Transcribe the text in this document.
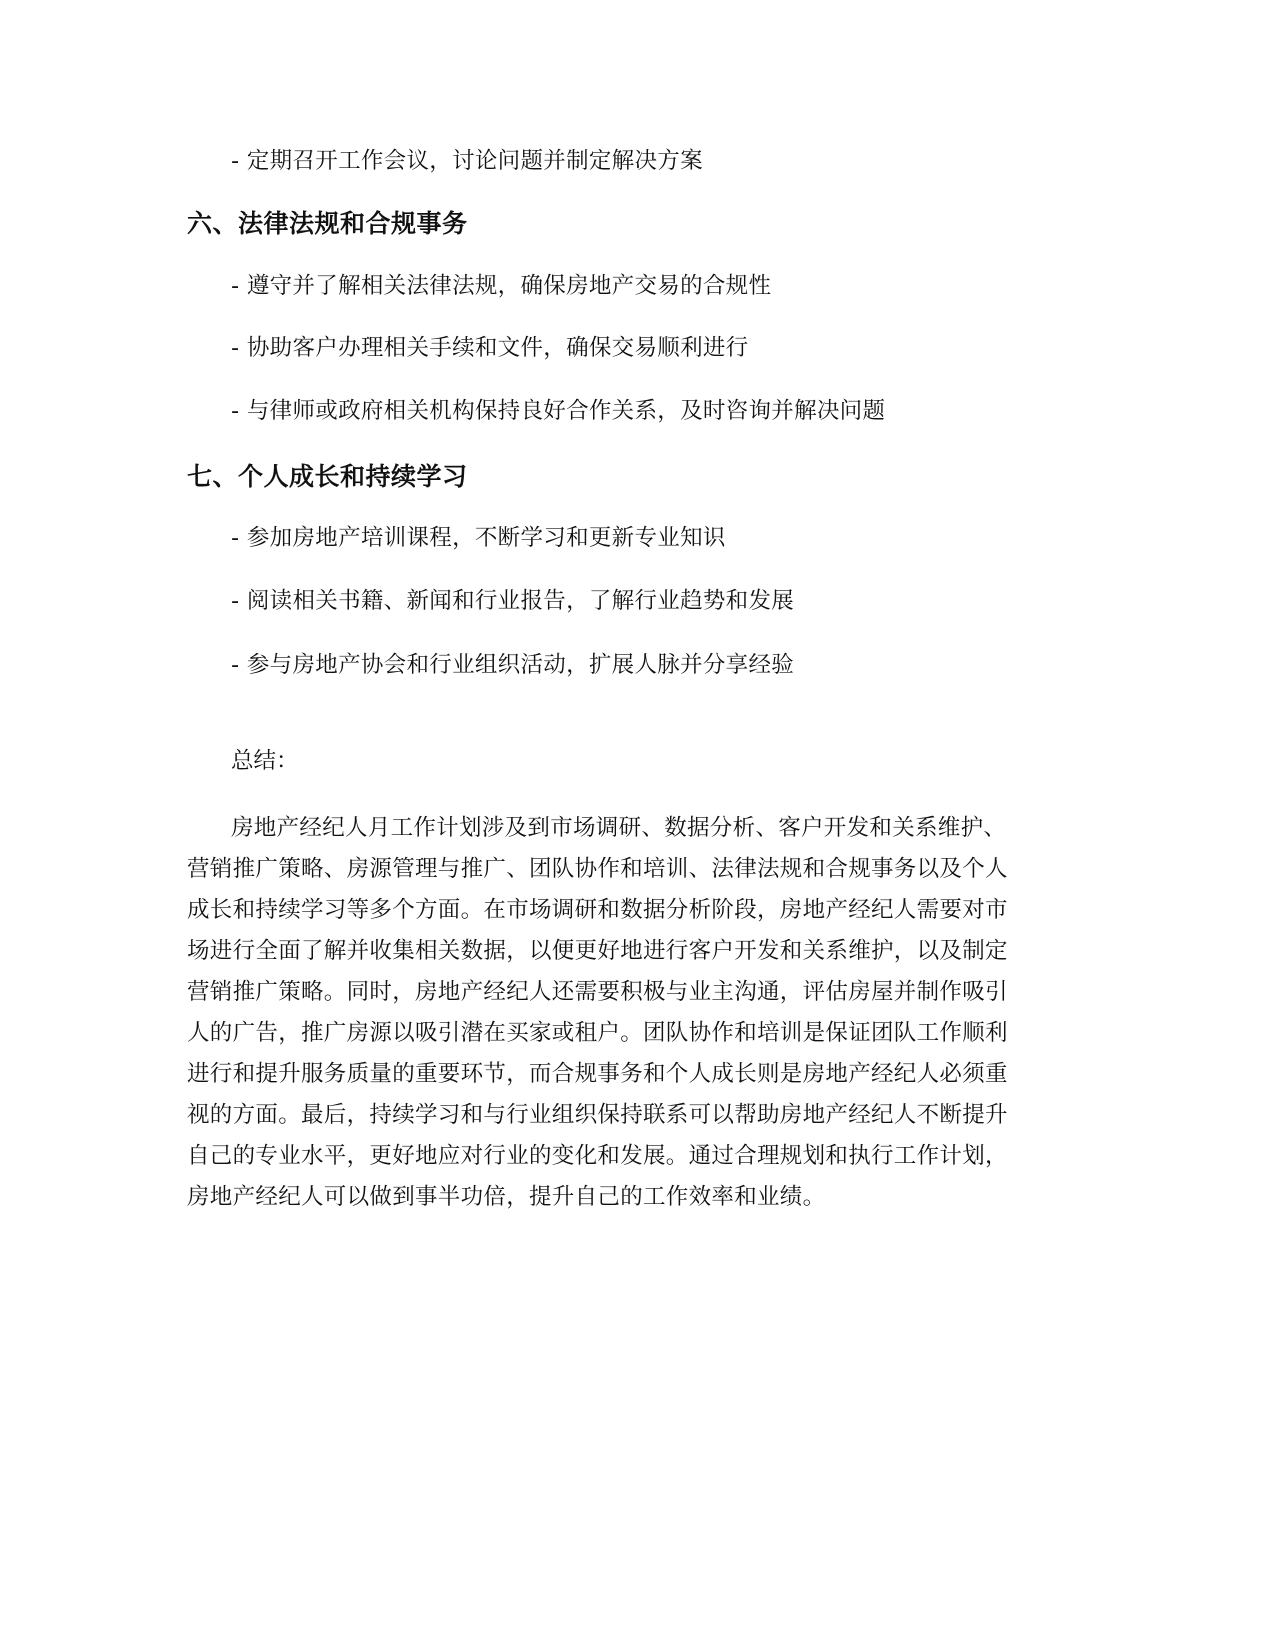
- 定期召开工作会议，讨论问题并制定解决方案
六、法律法规和合规事务
- 遵守并了解相关法律法规，确保房地产交易的合规性
- 协助客户办理相关手续和文件，确保交易顺利进行
- 与律师或政府相关机构保持良好合作关系，及时咨询并解决问题
七、个人成长和持续学习
- 参加房地产培训课程，不断学习和更新专业知识
- 阅读相关书籍、新闻和行业报告，了解行业趋势和发展
- 参与房地产协会和行业组织活动，扩展人脉并分享经验
总结：
房地产经纪人月工作计划涉及到市场调研、数据分析、客户开发和关系维护、
营销推广策略、房源管理与推广、团队协作和培训、法律法规和合规事务以及个人
成长和持续学习等多个方面。在市场调研和数据分析阶段，房地产经纪人需要对市
场进行全面了解并收集相关数据，以便更好地进行客户开发和关系维护，以及制定
营销推广策略。同时，房地产经纪人还需要积极与业主沟通，评估房屋并制作吸引
人的广告，推广房源以吸引潜在买家或租户。团队协作和培训是保证团队工作顺利
进行和提升服务质量的重要环节，而合规事务和个人成长则是房地产经纪人必须重
视的方面。最后，持续学习和与行业组织保持联系可以帮助房地产经纪人不断提升
自己的专业水平，更好地应对行业的变化和发展。通过合理规划和执行工作计划，
房地产经纪人可以做到事半功倍，提升自己的工作效率和业绩。
